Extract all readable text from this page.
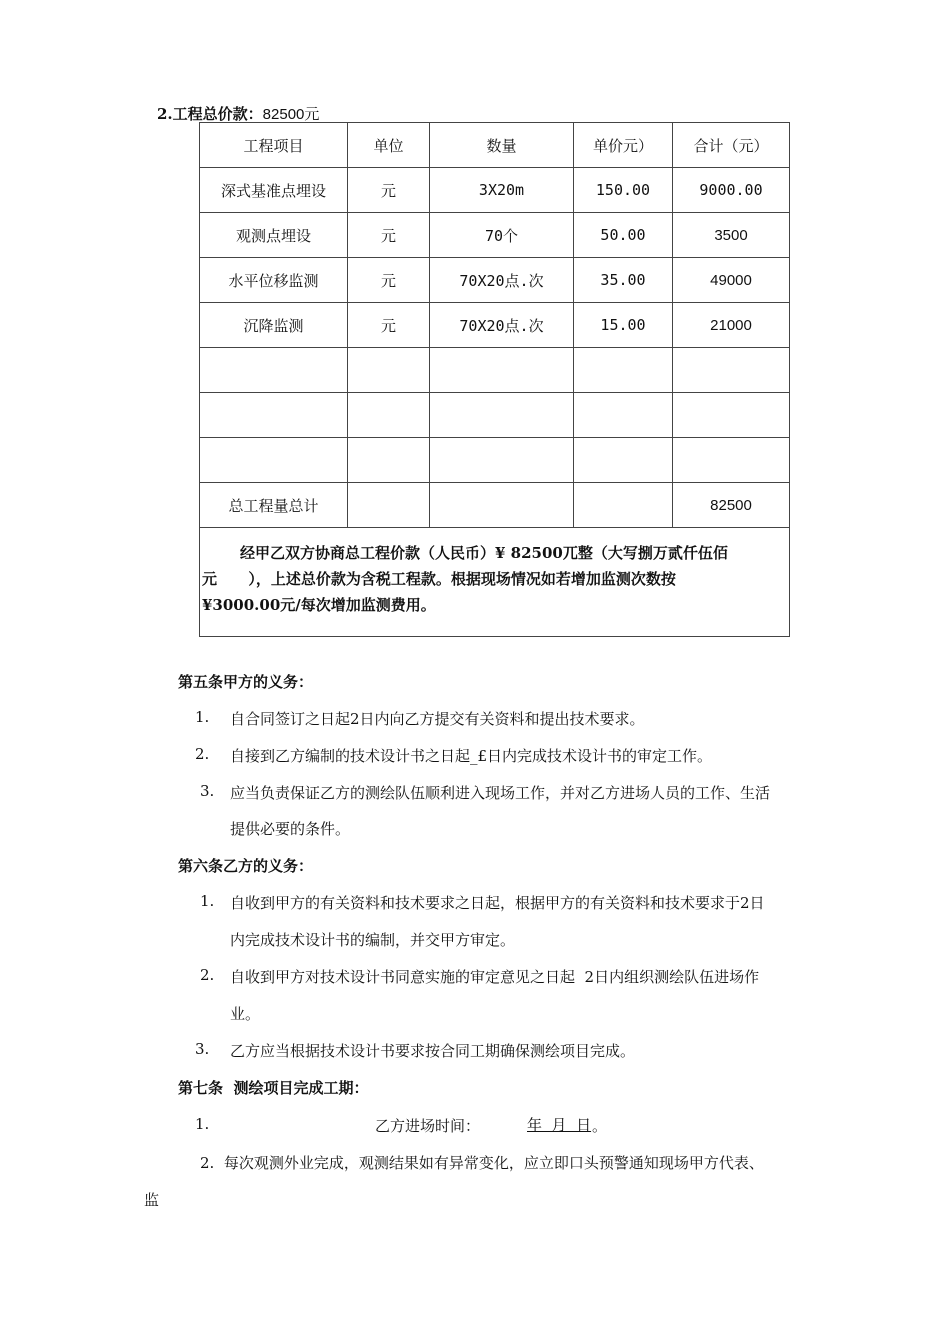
2.工程总价款：82500元
工程项目	单位	数量	单价元）	合计（元）
深式基准点埋设	元	3X20m	150.00	9000.00
观测点埋设	元	70个	50.00	3500
水平位移监测	元	70X20点.次	35.00	49000
沉降监测	元	70X20点.次	15.00	21000

总工程量总计				82500

经甲乙双方协商总工程价款（人民币）¥ 82500兀整（大写捌万贰仟伍佰
元      ），上述总价款为含税工程款。根据现场情况如若增加监测次数按
¥3000.00元/每次增加监测费用。				
第五条甲方的义务：
1. 自合同签订之日起2日内向乙方提交有关资料和提出技术要求。
2. 自接到乙方编制的技术设计书之日起_£日内完成技术设计书的审定工作。
3. 应当负责保证乙方的测绘队伍顺利进入现场工作，并对乙方进场人员的工作、生活
提供必要的条件。
第六条乙方的义务：
1. 自收到甲方的有关资料和技术要求之日起，根据甲方的有关资料和技术要求于2日
内完成技术设计书的编制，并交甲方审定。
2. 自收到甲方对技术设计书同意实施的审定意见之日起  2日内组织测绘队伍进场作
业。
3. 乙方应当根据技术设计书要求按合同工期确保测绘项目完成。
第七条  测绘项目完成工期：
1.	乙方进场时间：	年  月  日 。
2.  每次观测外业完成，观测结果如有异常变化，应立即口头预警通知现场甲方代表、
监
